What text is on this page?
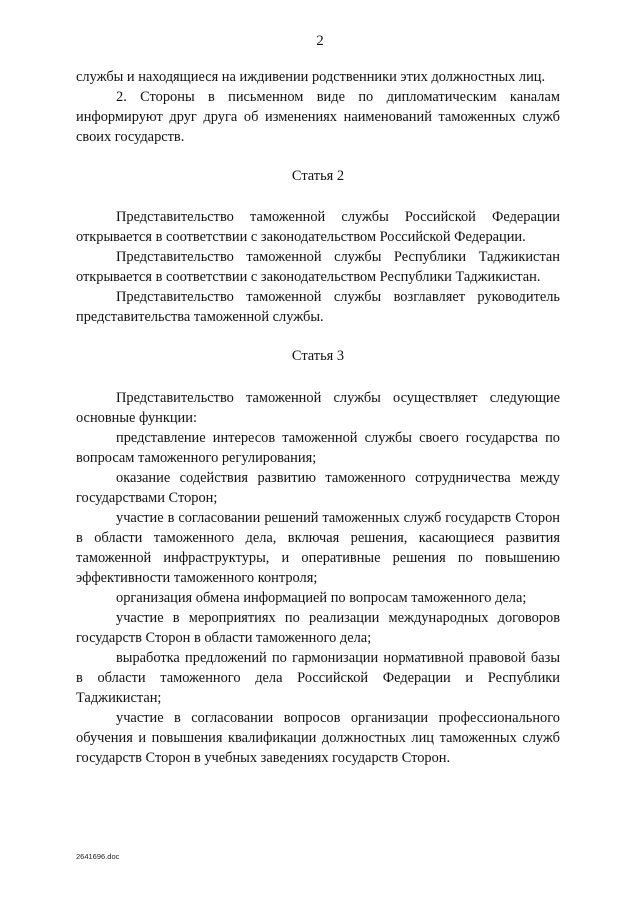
2

службы и находящиеся на иждивении родственники этих должностных лиц.

2. Стороны в письменном виде по дипломатическим каналам информируют друг друга об изменениях наименований таможенных служб своих государств.

Статья 2

Представительство таможенной службы Российской Федерации открывается в соответствии с законодательством Российской Федерации.

Представительство таможенной службы Республики Таджикистан открывается в соответствии с законодательством Республики Таджикистан.

Представительство таможенной службы возглавляет руководитель представительства таможенной службы.

Статья 3

Представительство таможенной службы осуществляет следующие основные функции:

представление интересов таможенной службы своего государства по вопросам таможенного регулирования;

оказание содействия развитию таможенного сотрудничества между государствами Сторон;

участие в согласовании решений таможенных служб государств Сторон в области таможенного дела, включая решения, касающиеся развития таможенной инфраструктуры, и оперативные решения по повышению эффективности таможенного контроля;

организация обмена информацией по вопросам таможенного дела;

участие в мероприятиях по реализации международных договоров государств Сторон в области таможенного дела;

выработка предложений по гармонизации нормативной правовой базы в области таможенного дела Российской Федерации и Республики Таджикистан;

участие в согласовании вопросов организации профессионального обучения и повышения квалификации должностных лиц таможенных служб государств Сторон в учебных заведениях государств Сторон.

2641696.doc
